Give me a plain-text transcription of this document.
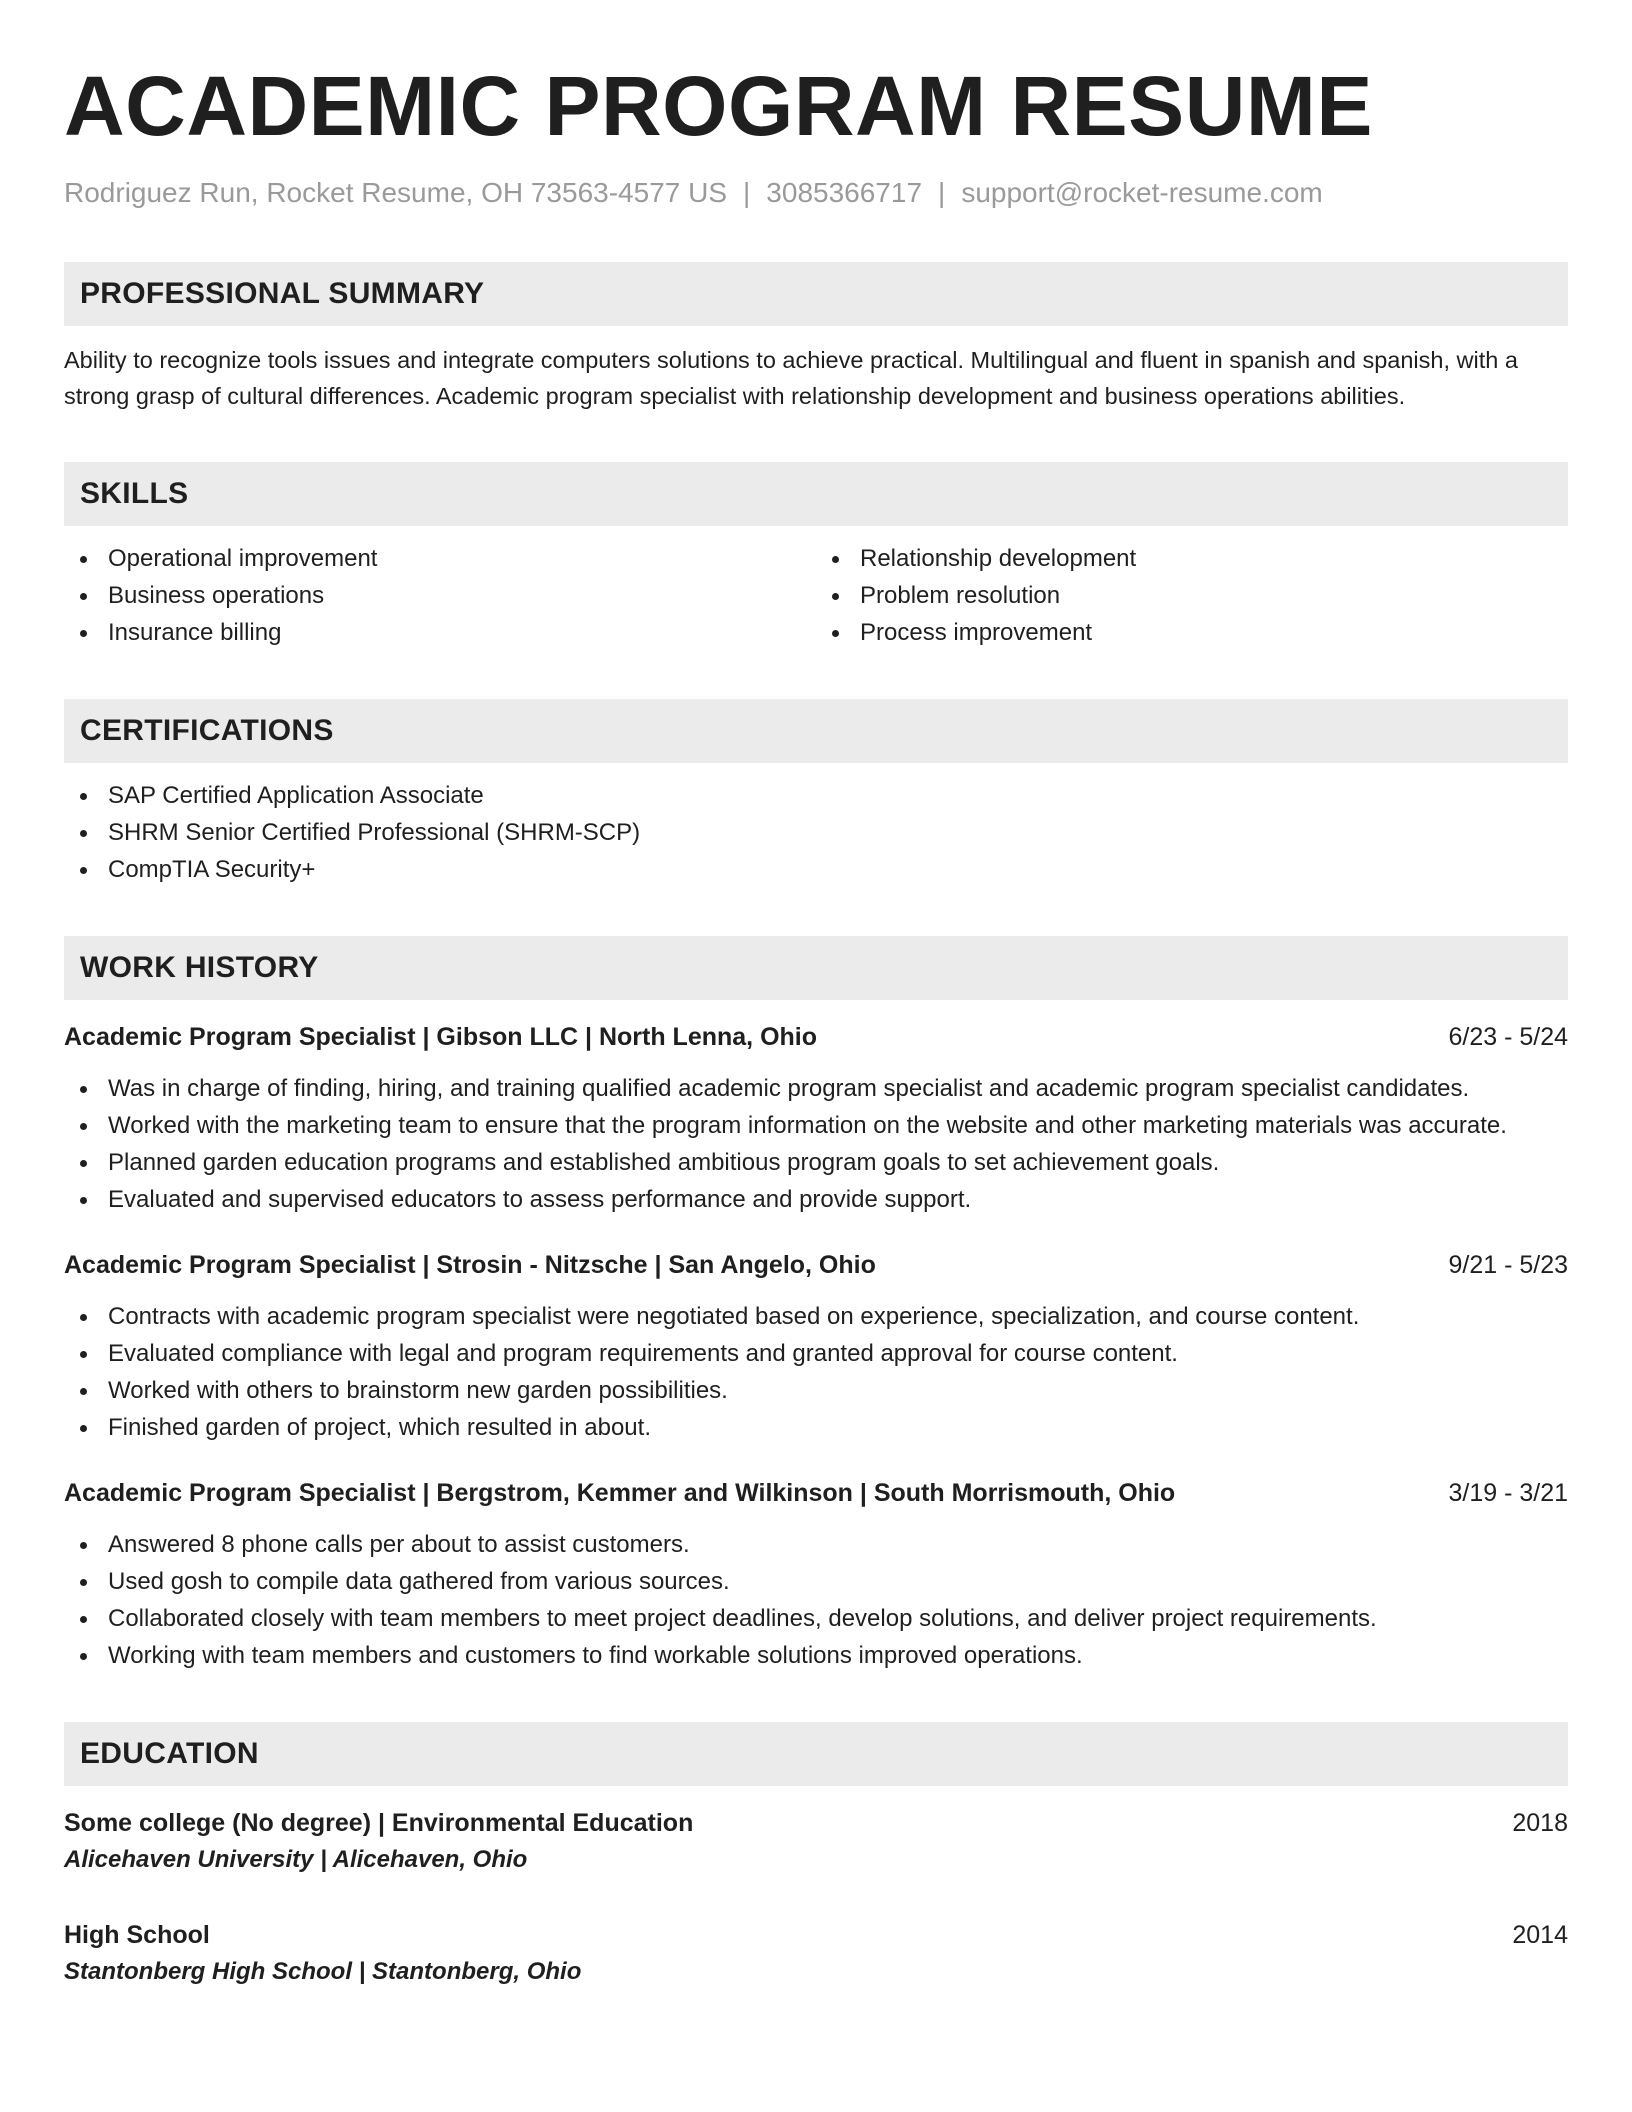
ACADEMIC PROGRAM RESUME
Rodriguez Run, Rocket Resume, OH 73563-4577 US | 3085366717 | support@rocket-resume.com
PROFESSIONAL SUMMARY

Ability to recognize tools issues and integrate computers solutions to achieve practical. Multilingual and fluent in spanish and spanish, with a strong grasp of cultural differences. Academic program specialist with relationship development and business operations abilities.

SKILLS
Operational improvement
Business operations
Insurance billing
Relationship development
Problem resolution
Process improvement
CERTIFICATIONS
SAP Certified Application Associate
SHRM Senior Certified Professional (SHRM-SCP)
CompTIA Security+
WORK HISTORY
Academic Program Specialist | Gibson LLC | North Lenna, Ohio	6/23 - 5/24
Was in charge of finding, hiring, and training qualified academic program specialist and academic program specialist candidates.
Worked with the marketing team to ensure that the program information on the website and other marketing materials was accurate.
Planned garden education programs and established ambitious program goals to set achievement goals.
Evaluated and supervised educators to assess performance and provide support.
Academic Program Specialist | Strosin - Nitzsche | San Angelo, Ohio	9/21 - 5/23
Contracts with academic program specialist were negotiated based on experience, specialization, and course content.
Evaluated compliance with legal and program requirements and granted approval for course content.
Worked with others to brainstorm new garden possibilities.
Finished garden of project, which resulted in about.
Academic Program Specialist | Bergstrom, Kemmer and Wilkinson | South Morrismouth, Ohio	3/19 - 3/21
Answered 8 phone calls per about to assist customers.
Used gosh to compile data gathered from various sources.
Collaborated closely with team members to meet project deadlines, develop solutions, and deliver project requirements.
Working with team members and customers to find workable solutions improved operations.
EDUCATION
Some college (No degree) | Environmental Education	2018
Alicehaven University | Alicehaven, Ohio
High School	2014
Stantonberg High School | Stantonberg, Ohio
